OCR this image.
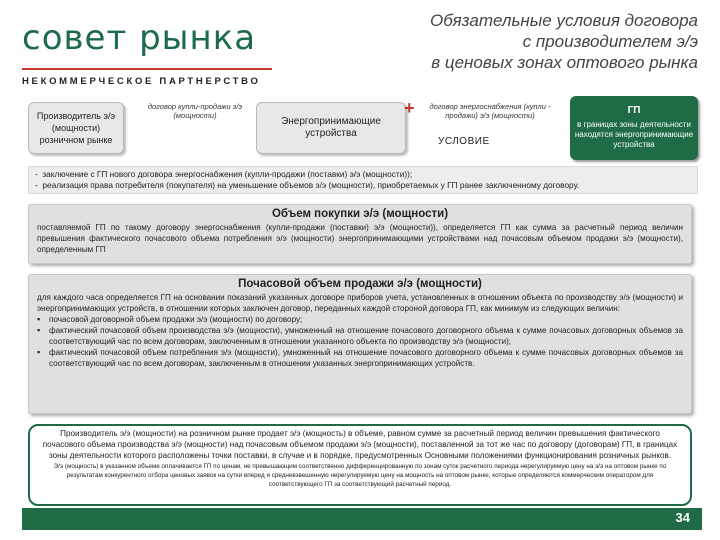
совет рынка
НЕКОММЕРЧЕСКОЕ ПАРТНЕРСТВО
Обязательные условия договора
с производителем э/э
в ценовых зонах оптового рынка
Производитель э/э (мощности) розничном рынке
договор купли-продажи э/э (мощности)
Энергопринимающие устройства
+	договор энергоснабжения (купли - продажи) э/э (мощности)
УСЛОВИЕ
ГП
в границах зоны деятельности находятся энергопринимающие устройства
-  заключение с ГП нового договора энергоснабжения (купли-продажи (поставки) э/э (мощности));
-  реализация права потребителя (покупателя) на уменьшение объемов э/э (мощности), приобретаемых у ГП ранее заключенному договору.
Объем покупки э/э (мощности)
поставляемой ГП по такому договору энергоснабжения (купли-продажи (поставки) э/э (мощности)), определяется ГП как сумма за расчетный период величин превышения фактического почасового объема потребления э/э (мощности) энергопринимающими устройствами над почасовым объемом продажи э/э (мощности), определенным ГП
Почасовой объем продажи э/э (мощности)
для каждого часа определяется ГП на основании показаний указанных договоре приборов учета, установленных в отношении объекта по производству э/э (мощности) и энергопринимающих устройств, в отношении которых заключен договор, переданных каждой стороной договора ГП, как минимум из следующих величин:
▪ почасовой договорной объем продажи э/э (мощности) по договору;
▪ фактический почасовой объем производства э/э (мощности), умноженный на отношение почасового договорного объема к сумме почасовых договорных объемов за соответствующий час по всем договорам, заключенным в отношении указанного объекта по производству э/э (мощности);
▪ фактический почасовой объем потребления э/э (мощности), умноженный на отношение почасового договорного объема к сумме почасовых договорных объемов за соответствующий час по всем договорам, заключенным в отношении указанных энергопринимающих устройств.
Производитель э/э (мощности) на розничном рынке продает э/э (мощность) в объеме, равном сумме за расчетный период величин превышения фактического почасового объема производства э/э (мощности) над почасовым объемом продажи э/э (мощности), поставленной за тот же час по договору (договорам) ГП, в границах зоны деятельности которого расположены точки поставки, в случае и в порядке, предусмотренных Основными положениями функционирования розничных рынков.
Э/э (мощность) в указанном объеме оплачивается ГП по ценам, не превышающим соответственно дифференцированную по зонам суток расчетного периода нерегулируемую цену на э/э на оптовом рынке по результатам конкурентного отбора ценовых заявок на сутки вперед и средневзвешенную нерегулируемую цену на мощность на оптовом рынке, которые определяются коммерческим оператором для соответствующего ГП за соответствующий расчетный период.
34
